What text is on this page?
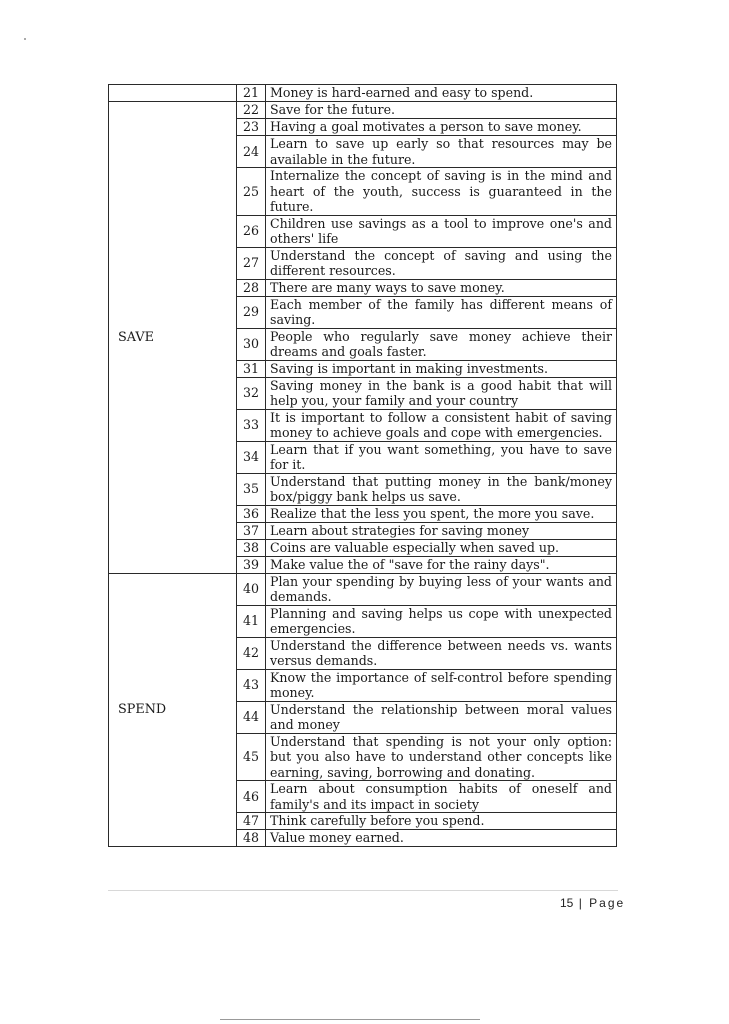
	21	Money is hard-earned and easy to spend.
SAVE	22	Save for the future.
	23	Having a goal motivates a person to save money.
	24	Learn to save up early so that resources may be available in the future.
	25	Internalize the concept of saving is in the mind and heart of the youth, success is guaranteed in the future.
	26	Children use savings as a tool to improve one's and others' life
	27	Understand the concept of saving and using the different resources.
	28	There are many ways to save money.
	29	Each member of the family has different means of saving.
	30	People who regularly save money achieve their dreams and goals faster.
	31	Saving is important in making investments.
	32	Saving money in the bank is a good habit that will help you, your family and your country
	33	It is important to follow a consistent habit of saving money to achieve goals and cope with emergencies.
	34	Learn that if you want something, you have to save for it.
	35	Understand that putting money in the bank/money box/piggy bank helps us save.
	36	Realize that the less you spent, the more you save.
	37	Learn about strategies for saving money
	38	Coins are valuable especially when saved up.
	39	Make value the of "save for the rainy days".
SPEND	40	Plan your spending by buying less of your wants and demands.
	41	Planning and saving helps us cope with unexpected emergencies.
	42	Understand the difference between needs vs. wants versus demands.
	43	Know the importance of self-control before spending money.
	44	Understand the relationship between moral values and money
	45	Understand that spending is not your only option: but you also have to understand other concepts like earning, saving, borrowing and donating.
	46	Learn about consumption habits of oneself and family's and its impact in society
	47	Think carefully before you spend.
	48	Value money earned.
15 | Page
